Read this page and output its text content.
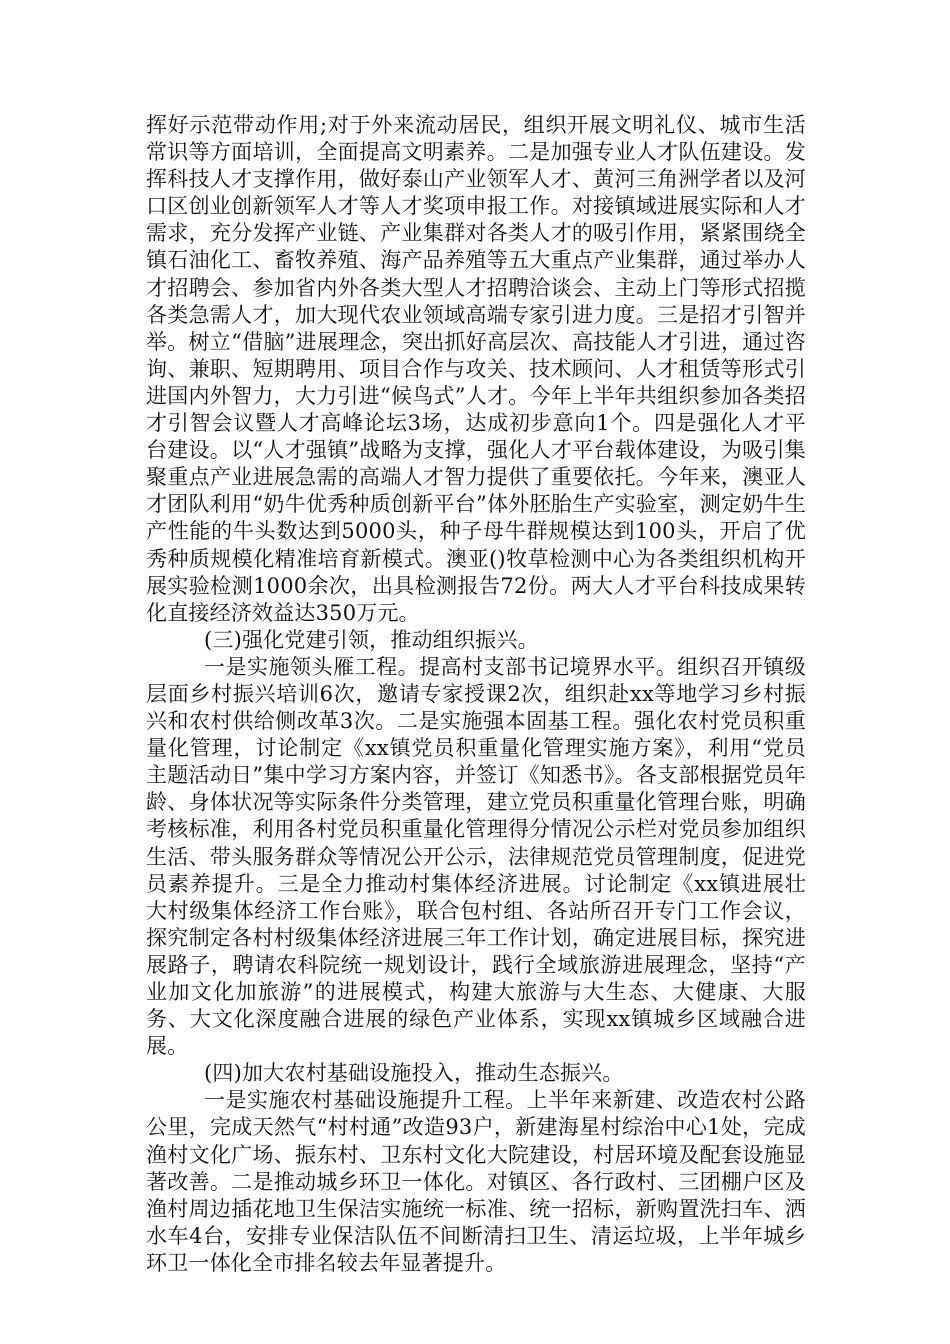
挥好示范带动作用;对于外来流动居民，组织开展文明礼仪、城市生活常识等方面培训，全面提高文明素养。二是加强专业人才队伍建设。发挥科技人才支撑作用，做好泰山产业领军人才、黄河三角洲学者以及河口区创业创新领军人才等人才奖项申报工作。对接镇域进展实际和人才需求，充分发挥产业链、产业集群对各类人才的吸引作用，紧紧围绕全镇石油化工、畜牧养殖、海产品养殖等五大重点产业集群，通过举办人才招聘会、参加省内外各类大型人才招聘洽谈会、主动上门等形式招揽各类急需人才，加大现代农业领域高端专家引进力度。三是招才引智并举。树立“借脑”进展理念，突出抓好高层次、高技能人才引进，通过咨询、兼职、短期聘用、项目合作与攻关、技术顾问、人才租赁等形式引进国内外智力，大力引进“候鸟式”人才。今年上半年共组织参加各类招才引智会议暨人才高峰论坛3场，达成初步意向1个。四是强化人才平台建设。以“人才强镇”战略为支撑，强化人才平台载体建设，为吸引集聚重点产业进展急需的高端人才智力提供了重要依托。今年来，澳亚人才团队利用“奶牛优秀种质创新平台”体外胚胎生产实验室，测定奶牛生产性能的牛头数达到5000头，种子母牛群规模达到100头，开启了优秀种质规模化精准培育新模式。澳亚()牧草检测中心为各类组织机构开展实验检测1000余次，出具检测报告72份。两大人才平台科技成果转化直接经济效益达350万元。

(三)强化党建引领，推动组织振兴。

一是实施领头雁工程。提高村支部书记境界水平。组织召开镇级层面乡村振兴培训6次，邀请专家授课2次，组织赴xx等地学习乡村振兴和农村供给侧改革3次。二是实施强本固基工程。强化农村党员积重量化管理，讨论制定《xx镇党员积重量化管理实施方案》，利用“党员主题活动日”集中学习方案内容，并签订《知悉书》。各支部根据党员年龄、身体状况等实际条件分类管理，建立党员积重量化管理台账，明确考核标准，利用各村党员积重量化管理得分情况公示栏对党员参加组织生活、带头服务群众等情况公开公示，法律规范党员管理制度，促进党员素养提升。三是全力推动村集体经济进展。讨论制定《xx镇进展壮大村级集体经济工作台账》，联合包村组、各站所召开专门工作会议，探究制定各村村级集体经济进展三年工作计划，确定进展目标，探究进展路子，聘请农科院统一规划设计，践行全域旅游进展理念，坚持“产业加文化加旅游”的进展模式，构建大旅游与大生态、大健康、大服务、大文化深度融合进展的绿色产业体系，实现xx镇城乡区域融合进展。

(四)加大农村基础设施投入，推动生态振兴。

一是实施农村基础设施提升工程。上半年来新建、改造农村公路公里，完成天然气“村村通”改造93户，新建海星村综治中心1处，完成渔村文化广场、振东村、卫东村文化大院建设，村居环境及配套设施显著改善。二是推动城乡环卫一体化。对镇区、各行政村、三团棚户区及渔村周边插花地卫生保洁实施统一标准、统一招标，新购置洗扫车、洒水车4台，安排专业保洁队伍不间断清扫卫生、清运垃圾，上半年城乡环卫一体化全市排名较去年显著提升。
